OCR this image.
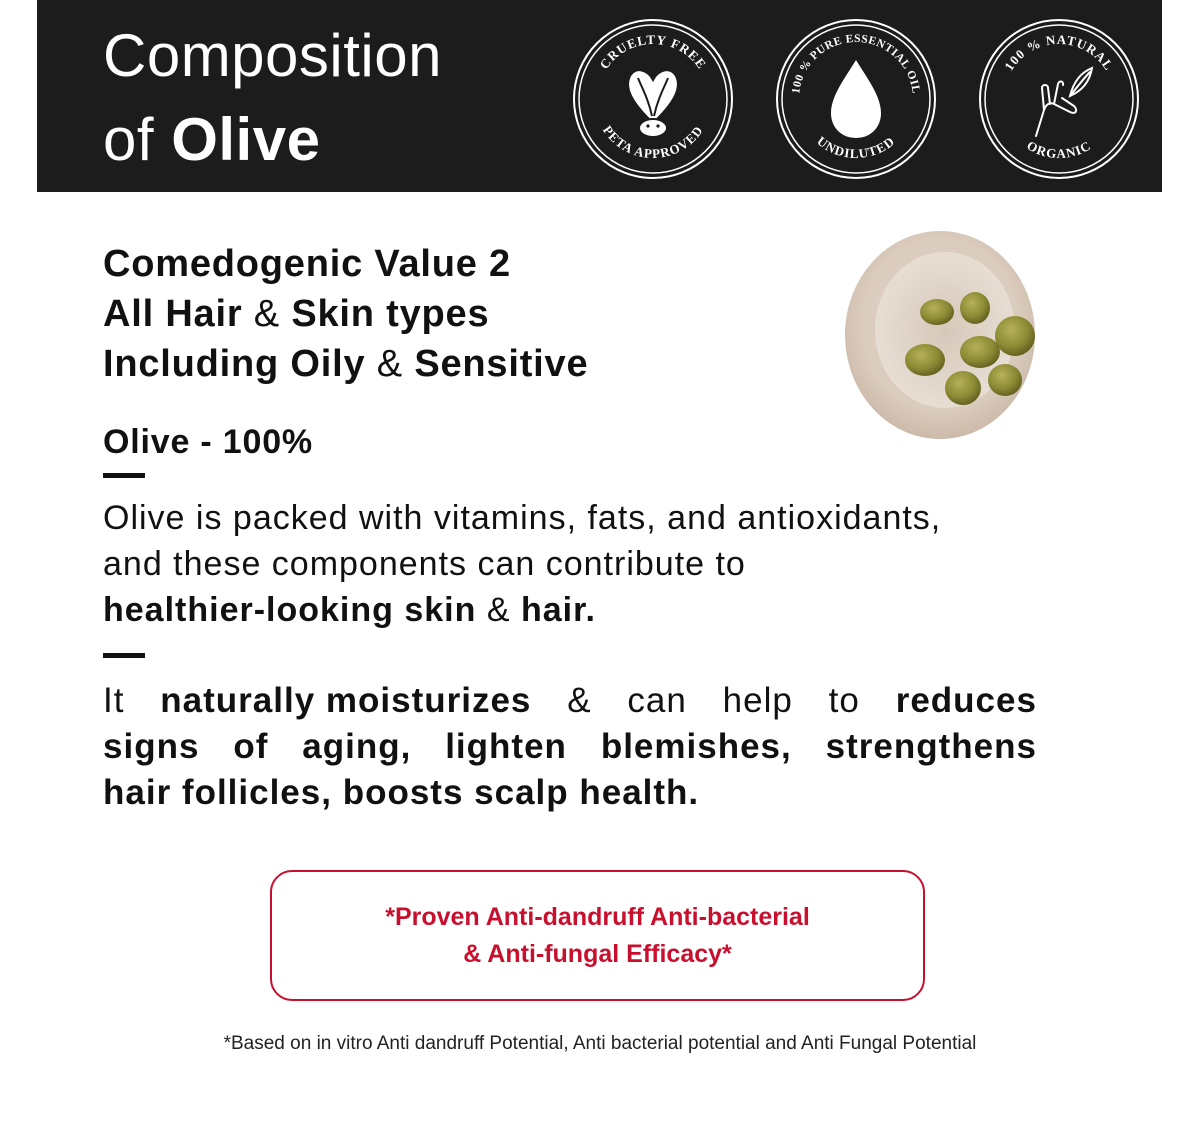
Composition
of Olive
CRUELTY FREE
PETA APPROVED
100 % PURE ESSENTIAL OIL
UNDILUTED
100 % NATURAL
ORGANIC
Comedogenic Value 2
All Hair & Skin types
Including Oily & Sensitive
Olive - 100%
Olive is packed with vitamins, fats, and antioxidants,
and these components can contribute to
healthier-looking skin & hair.
It naturally moisturizes & can help to reduces
signs of aging, lighten blemishes, strengthens
hair follicles, boosts scalp health.
*Proven Anti-dandruff Anti-bacterial
& Anti-fungal Efficacy*
*Based on in vitro Anti dandruff Potential, Anti bacterial potential and Anti Fungal Potential
